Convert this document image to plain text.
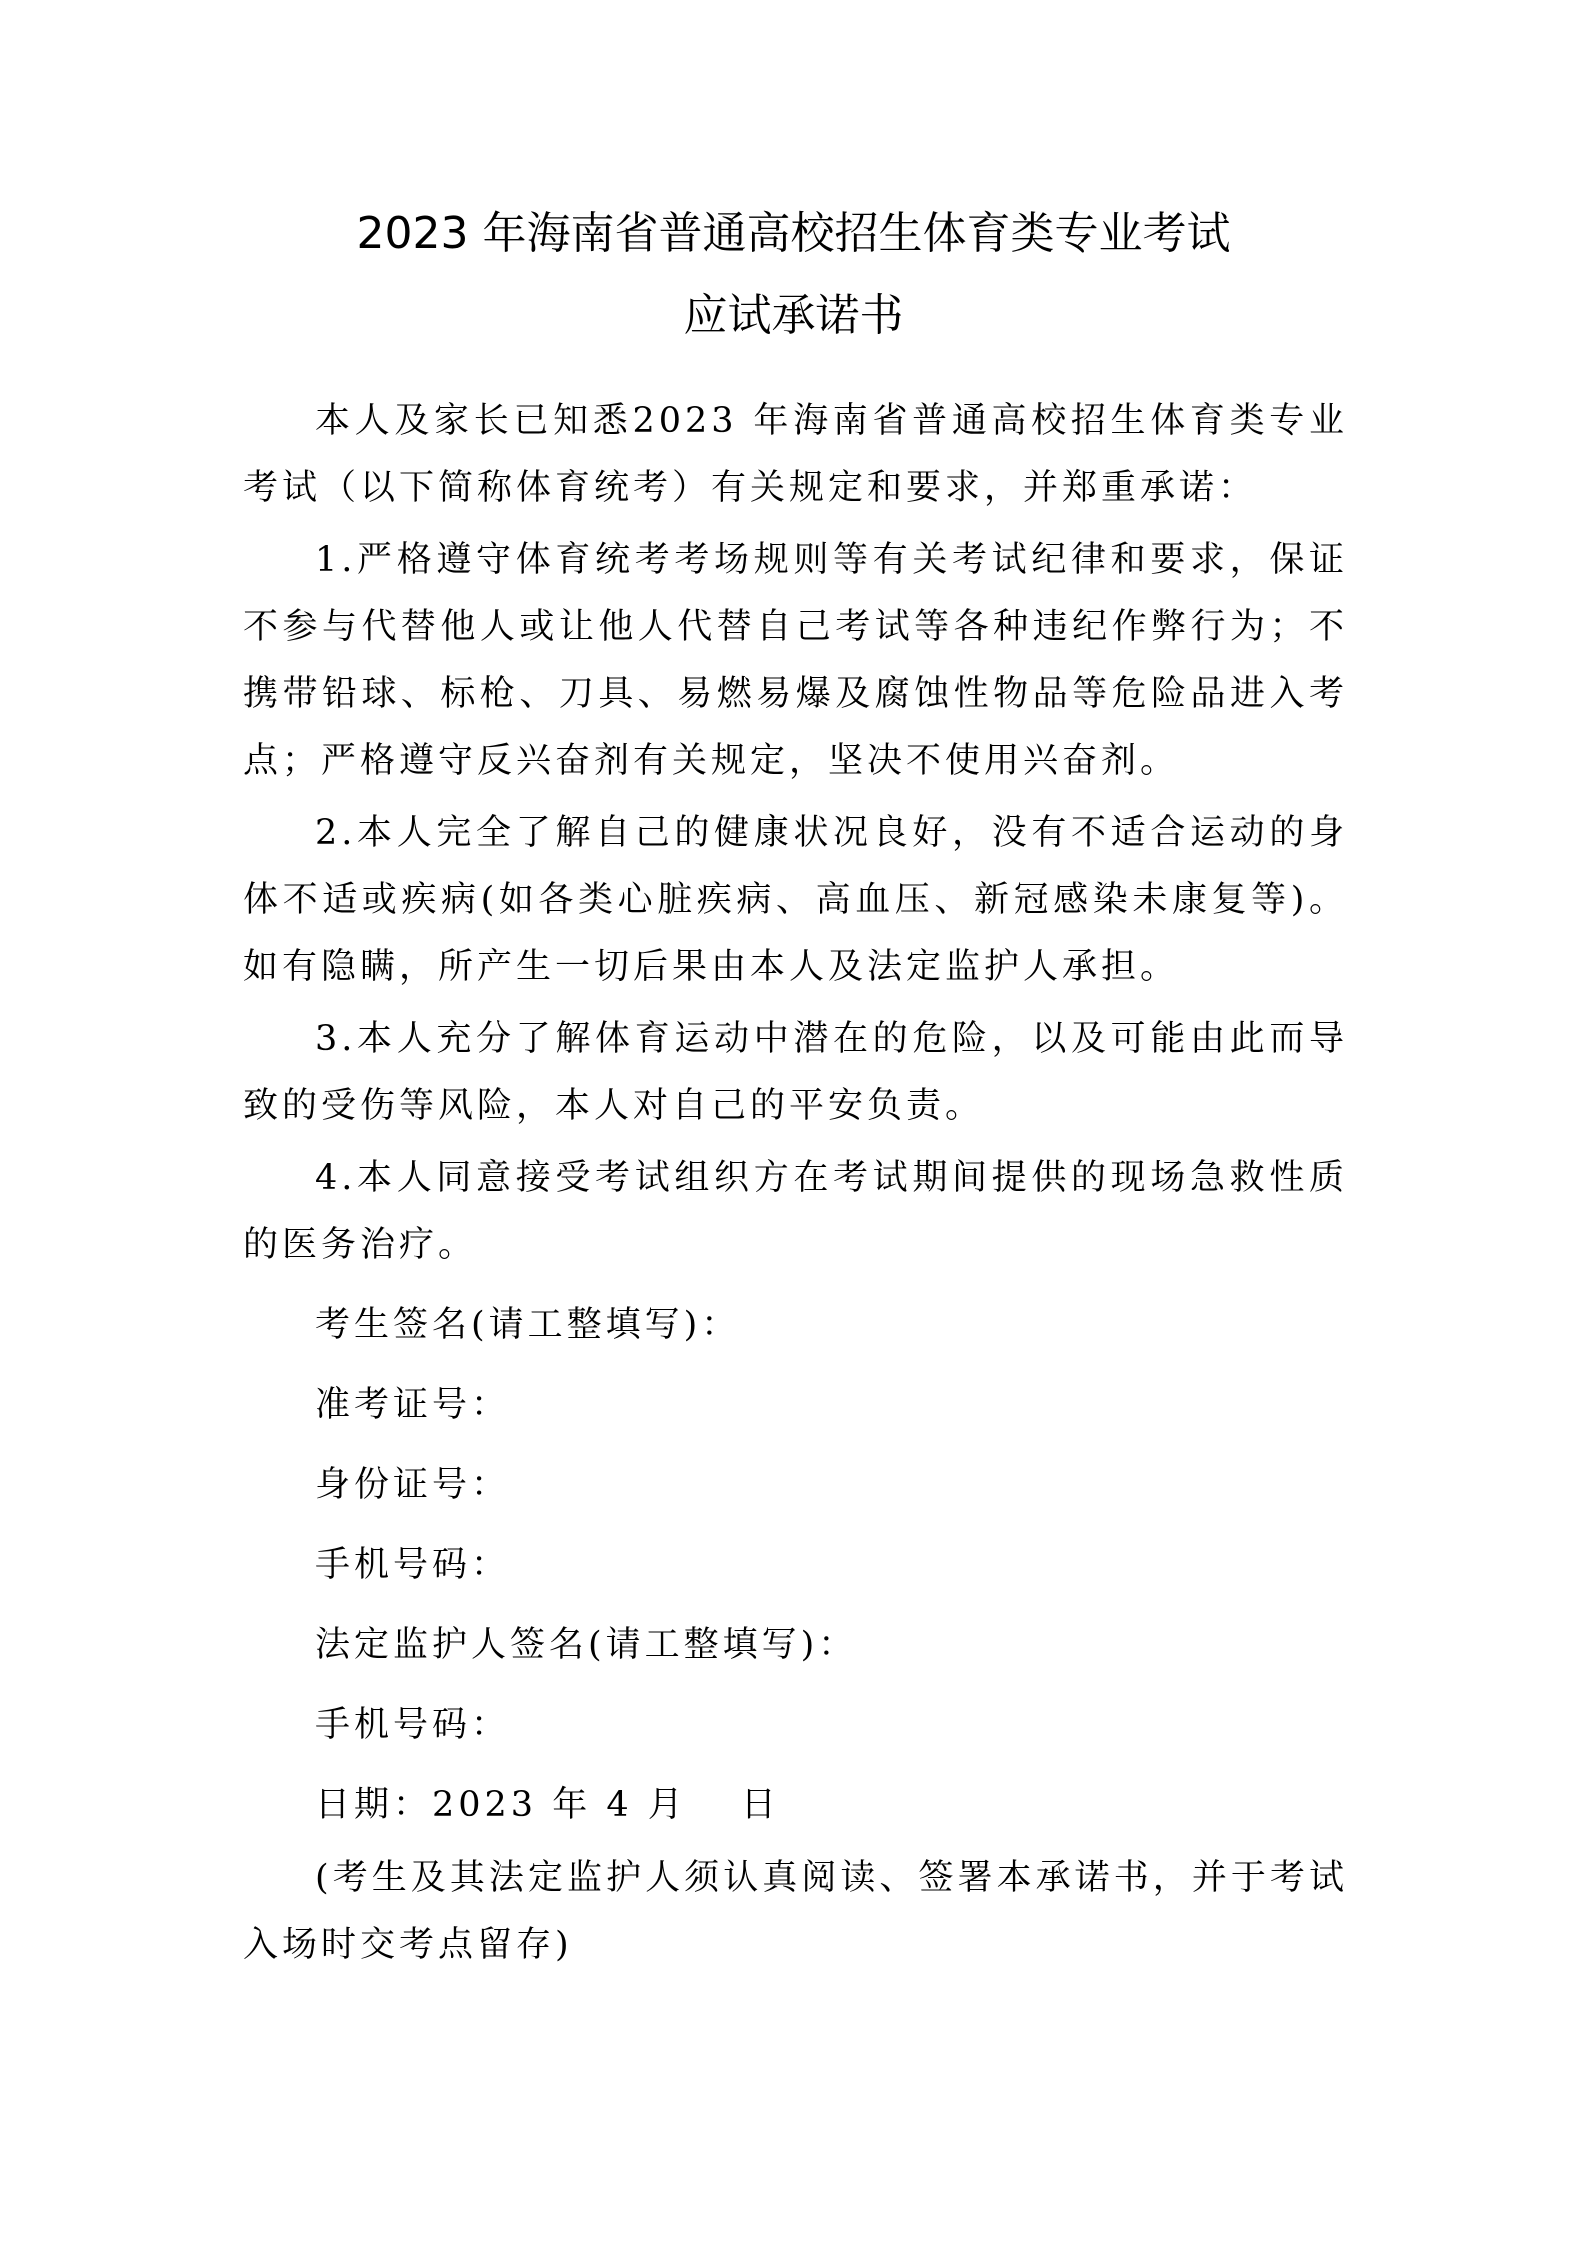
2023 年海南省普通高校招生体育类专业考试
应试承诺书

本人及家长已知悉2023 年海南省普通高校招生体育类专业考试（以下简称体育统考）有关规定和要求，并郑重承诺：

1.严格遵守体育统考考场规则等有关考试纪律和要求，保证不参与代替他人或让他人代替自己考试等各种违纪作弊行为；不携带铅球、标枪、刀具、易燃易爆及腐蚀性物品等危险品进入考点；严格遵守反兴奋剂有关规定，坚决不使用兴奋剂。

2.本人完全了解自己的健康状况良好，没有不适合运动的身体不适或疾病(如各类心脏疾病、高血压、新冠感染未康复等)。如有隐瞒，所产生一切后果由本人及法定监护人承担。

3.本人充分了解体育运动中潜在的危险，以及可能由此而导致的受伤等风险，本人对自己的平安负责。

4.本人同意接受考试组织方在考试期间提供的现场急救性质的医务治疗。

考生签名(请工整填写)：

准考证号：

身份证号：

手机号码：

法定监护人签名(请工整填写)：

手机号码：

日期：2023 年 4 月　 日

(考生及其法定监护人须认真阅读、签署本承诺书，并于考试入场时交考点留存)
